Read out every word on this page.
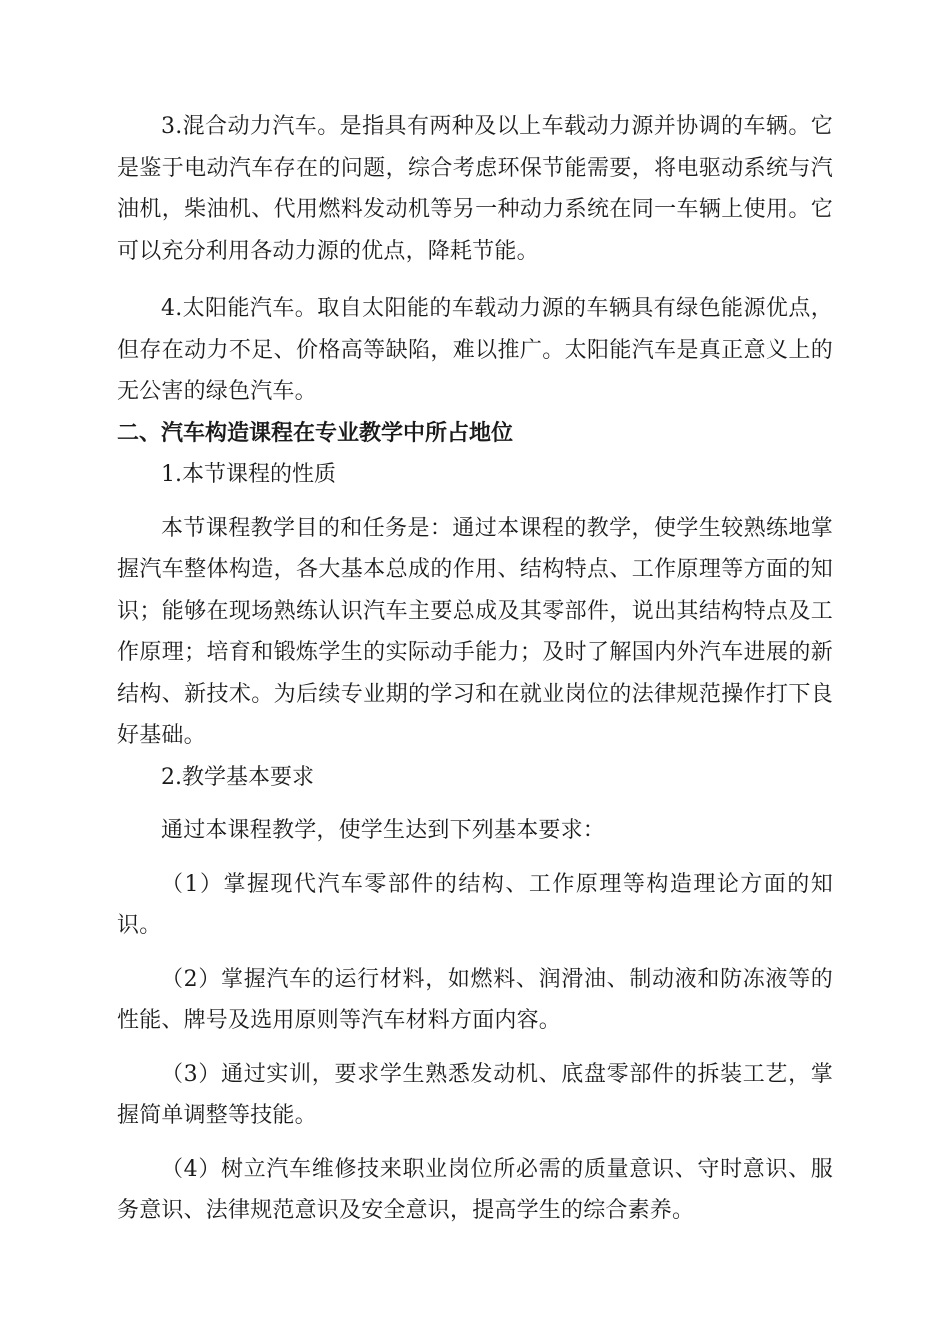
3.混合动力汽车。是指具有两种及以上车载动力源并协调的车辆。它是鉴于电动汽车存在的问题，综合考虑环保节能需要，将电驱动系统与汽油机，柴油机、代用燃料发动机等另一种动力系统在同一车辆上使用。它可以充分利用各动力源的优点，降耗节能。

4.太阳能汽车。取自太阳能的车载动力源的车辆具有绿色能源优点，但存在动力不足、价格高等缺陷，难以推广。太阳能汽车是真正意义上的无公害的绿色汽车。

二、汽车构造课程在专业教学中所占地位

1.本节课程的性质

本节课程教学目的和任务是：通过本课程的教学，使学生较熟练地掌握汽车整体构造，各大基本总成的作用、结构特点、工作原理等方面的知识；能够在现场熟练认识汽车主要总成及其零部件，说出其结构特点及工作原理；培育和锻炼学生的实际动手能力；及时了解国内外汽车进展的新结构、新技术。为后续专业期的学习和在就业岗位的法律规范操作打下良好基础。

2.教学基本要求

通过本课程教学，使学生达到下列基本要求：

（1）掌握现代汽车零部件的结构、工作原理等构造理论方面的知识。

（2）掌握汽车的运行材料，如燃料、润滑油、制动液和防冻液等的性能、牌号及选用原则等汽车材料方面内容。

（3）通过实训，要求学生熟悉发动机、底盘零部件的拆装工艺，掌握简单调整等技能。

（4）树立汽车维修技来职业岗位所必需的质量意识、守时意识、服务意识、法律规范意识及安全意识，提高学生的综合素养。
